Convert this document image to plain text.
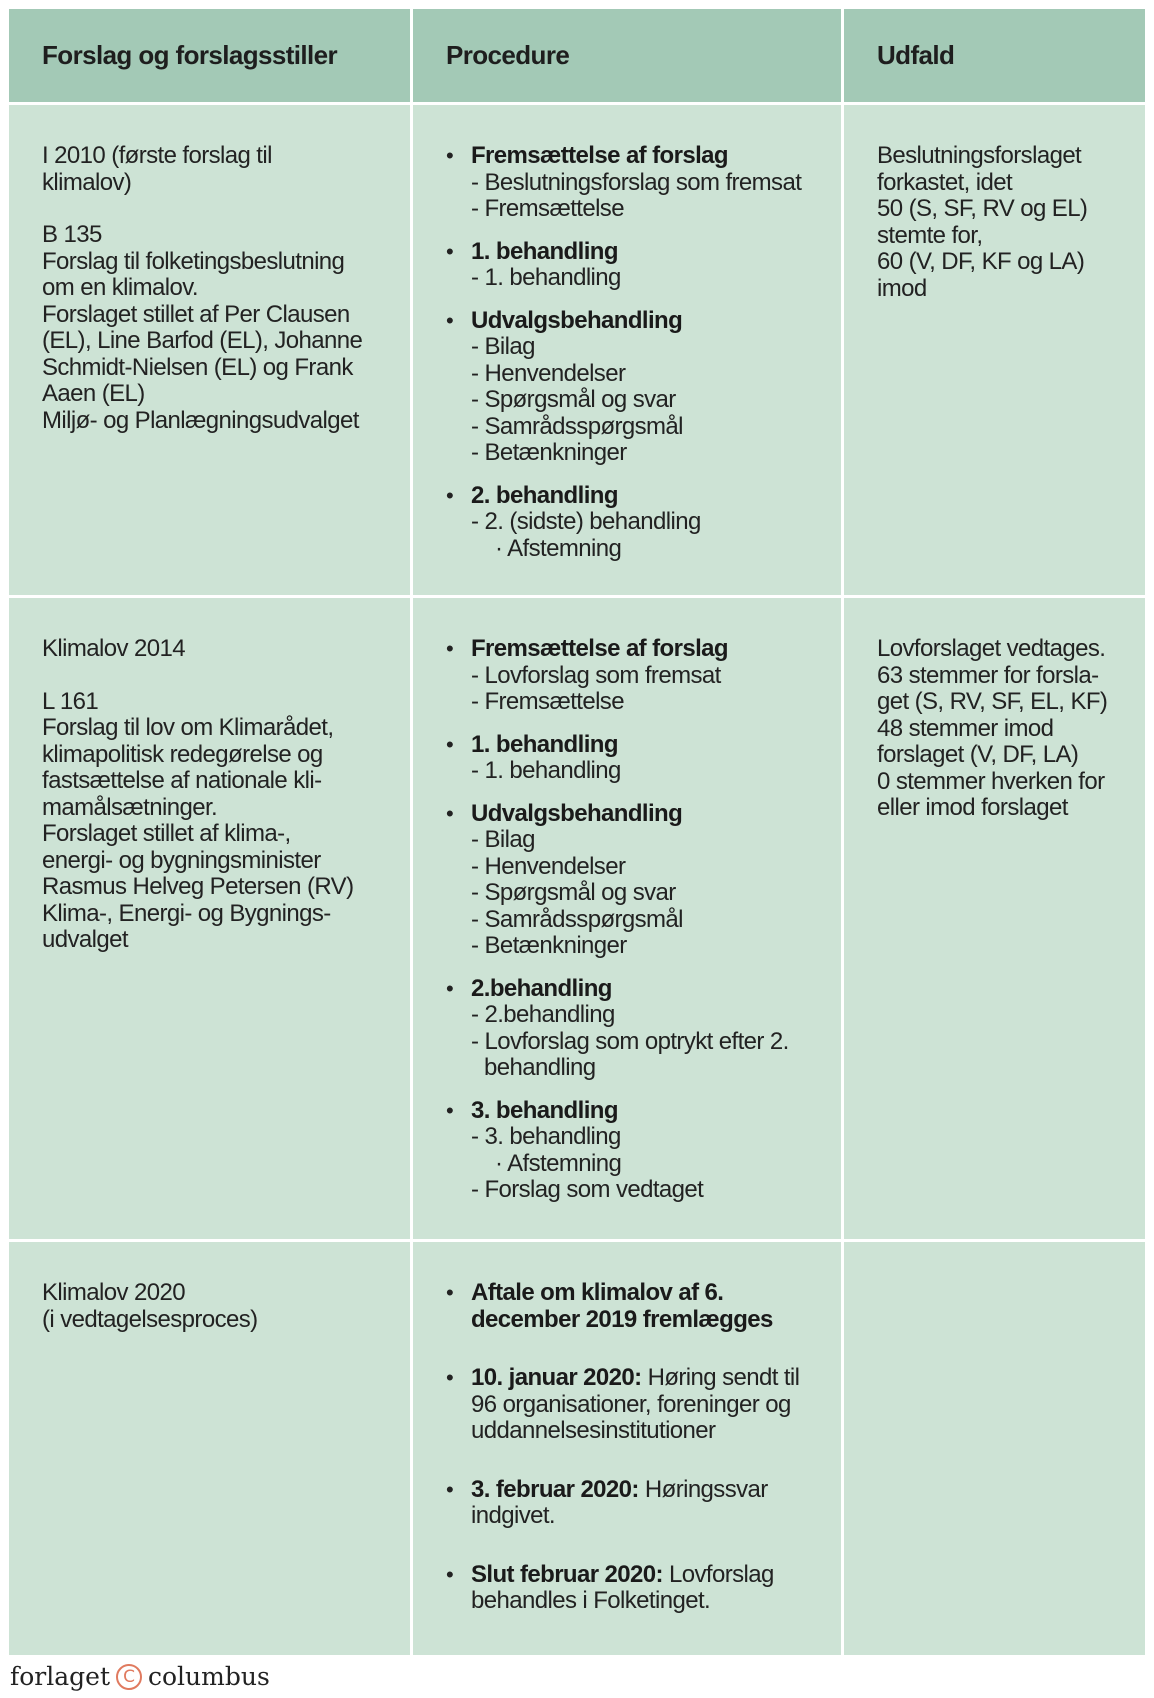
Forslag og forslagsstiller	Procedure	Udfald
I 2010 (første forslag til
klimalov)
B 135
Forslag til folketingsbeslutning
om en klimalov.
Forslaget stillet af Per Clausen
(EL), Line Barfod (EL), Johanne
Schmidt-Nielsen (EL) og Frank
Aaen (EL)
Miljø- og Planlægningsudvalget
• Fremsættelse af forslag
- Beslutningsforslag som fremsat
- Fremsættelse
• 1. behandling
- 1. behandling
• Udvalgsbehandling
- Bilag
- Henvendelser
- Spørgsmål og svar
- Samrådsspørgsmål
- Betænkninger
• 2. behandling
- 2. (sidste) behandling
· Afstemning
Beslutningsforslaget
forkastet, idet
50 (S, SF, RV og EL)
stemte for,
60 (V, DF, KF og LA)
imod
Klimalov 2014
L 161
Forslag til lov om Klimarådet,
klimapolitisk redegørelse og
fastsættelse af nationale kli-
mamålsætninger.
Forslaget stillet af klima-,
energi- og bygningsminister
Rasmus Helveg Petersen (RV)
Klima-, Energi- og Bygnings-
udvalget
• Fremsættelse af forslag
- Lovforslag som fremsat
- Fremsættelse
• 1. behandling
- 1. behandling
• Udvalgsbehandling
- Bilag
- Henvendelser
- Spørgsmål og svar
- Samrådsspørgsmål
- Betænkninger
• 2.behandling
- 2.behandling
- Lovforslag som optrykt efter 2.
behandling
• 3. behandling
- 3. behandling
· Afstemning
- Forslag som vedtaget
Lovforslaget vedtages.
63 stemmer for forsla-
get (S, RV, SF, EL, KF)
48 stemmer imod
forslaget (V, DF, LA)
0 stemmer hverken for
eller imod forslaget
Klimalov 2020
(i vedtagelsesproces)
• Aftale om klimalov af 6. december 2019 fremlægges
• 10. januar 2020: Høring sendt til 96 organisationer, foreninger og uddannelsesinstitutioner
• 3. februar 2020: Høringssvar indgivet.
• Slut februar 2020: Lovforslag behandles i Folketinget.
forlaget C columbus
